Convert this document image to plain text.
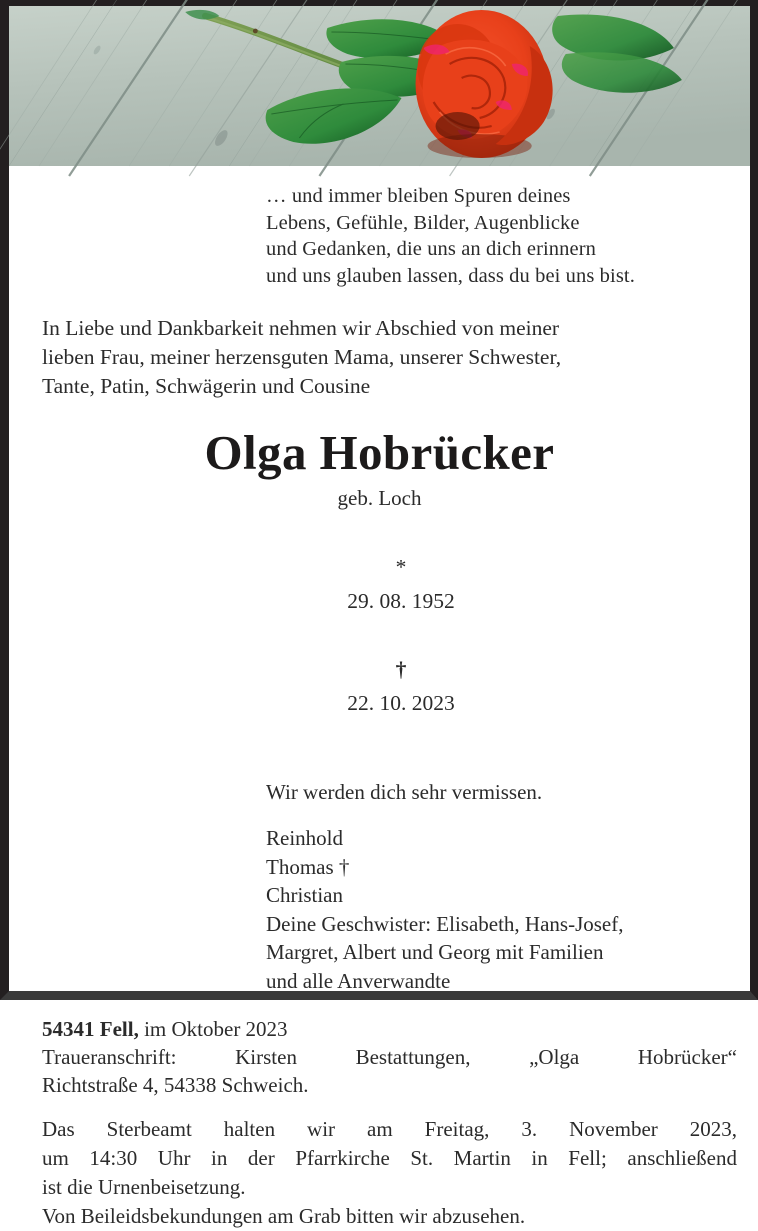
… und immer bleiben Spuren deines
Lebens, Gefühle, Bilder, Augenblicke
und Gedanken, die uns an dich erinnern
und uns glauben lassen, dass du bei uns bist.
In Liebe und Dankbarkeit nehmen wir Abschied von meiner
lieben Frau, meiner herzensguten Mama, unserer Schwester,
Tante, Patin, Schwägerin und Cousine
Olga Hobrücker
geb. Loch

*
29. 08. 1952

†
22. 10. 2023

Wir werden dich sehr vermissen.
Reinhold
Thomas †
Christian
Deine Geschwister: Elisabeth, Hans-Josef,
Margret, Albert und Georg mit Familien
und alle Anverwandte
54341 Fell, im Oktober 2023
Traueranschrift: Kirsten Bestattungen, „Olga Hobrücker“
Richtstraße 4, 54338 Schweich.
Das Sterbeamt halten wir am Freitag, 3. November 2023,
um 14:30 Uhr in der Pfarrkirche St. Martin in Fell; anschließend
ist die Urnenbeisetzung.
Von Beileidsbekundungen am Grab bitten wir abzusehen.
